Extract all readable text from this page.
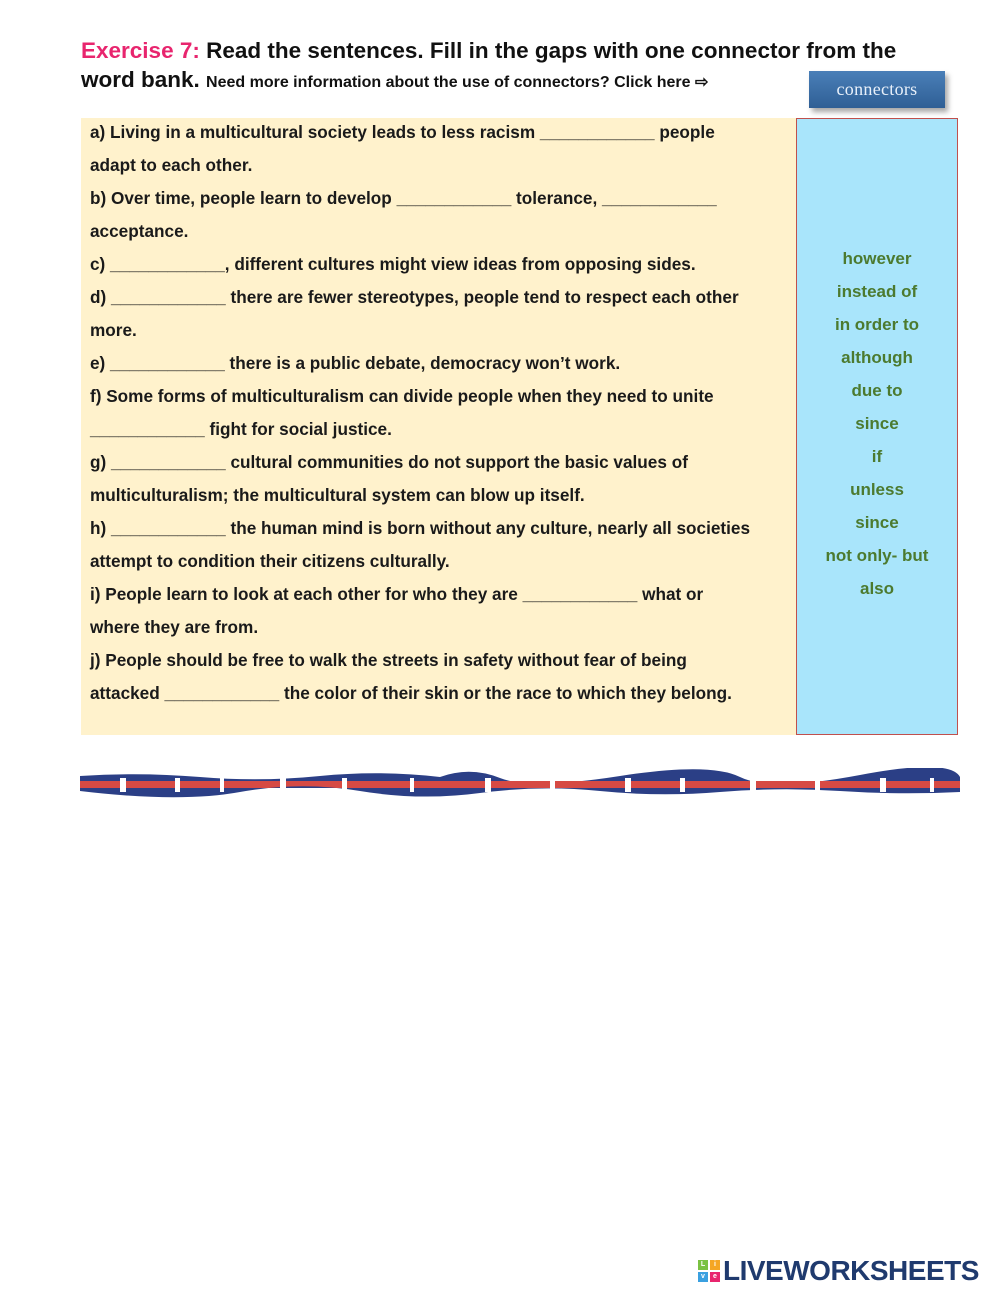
Exercise 7: Read the sentences. Fill in the gaps with one connector from the
word bank. Need more information about the use of connectors? Click here ⇨	connectors
a) Living in a multicultural society leads to less racism ____________ people
adapt to each other.
b) Over time, people learn to develop ____________ tolerance, ____________
acceptance.
c) ____________, different cultures might view ideas from opposing sides.
d) ____________ there are fewer stereotypes, people tend to respect each other
more.
e) ____________ there is a public debate, democracy won’t work.
f) Some forms of multiculturalism can divide people when they need to unite
____________ fight for social justice.
g) ____________ cultural communities do not support the basic values of
multiculturalism; the multicultural system can blow up itself.
h) ____________ the human mind is born without any culture, nearly all societies
attempt to condition their citizens culturally.
i) People learn to look at each other for who they are ____________ what or
where they are from.
j) People should be free to walk the streets in safety without fear of being
attacked ____________ the color of their skin or the race to which they belong.
however
instead of
in order to
although
due to
since
if
unless
since
not only- but
also
L	i
v	e LIVEWORKSHEETS
